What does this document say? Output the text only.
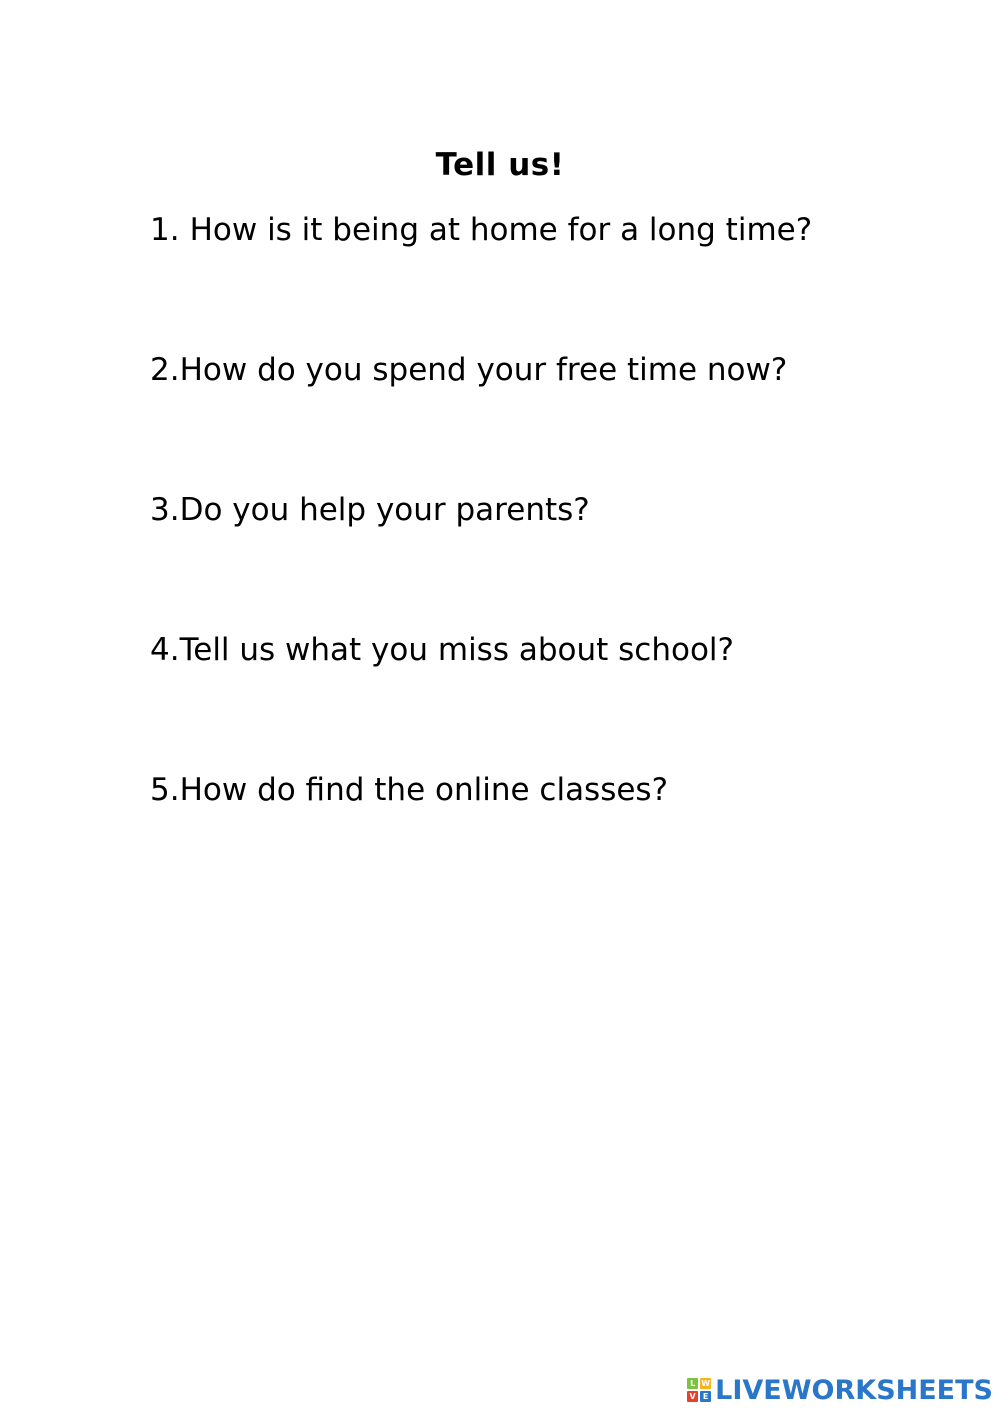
Tell us!
1. How is it being at home for a long time?
2.How do you spend your free time now?
3.Do you help your parents?
4.Tell us what you miss about school?
5.How do find the online classes?
L W
V E LIVEWORKSHEETS
